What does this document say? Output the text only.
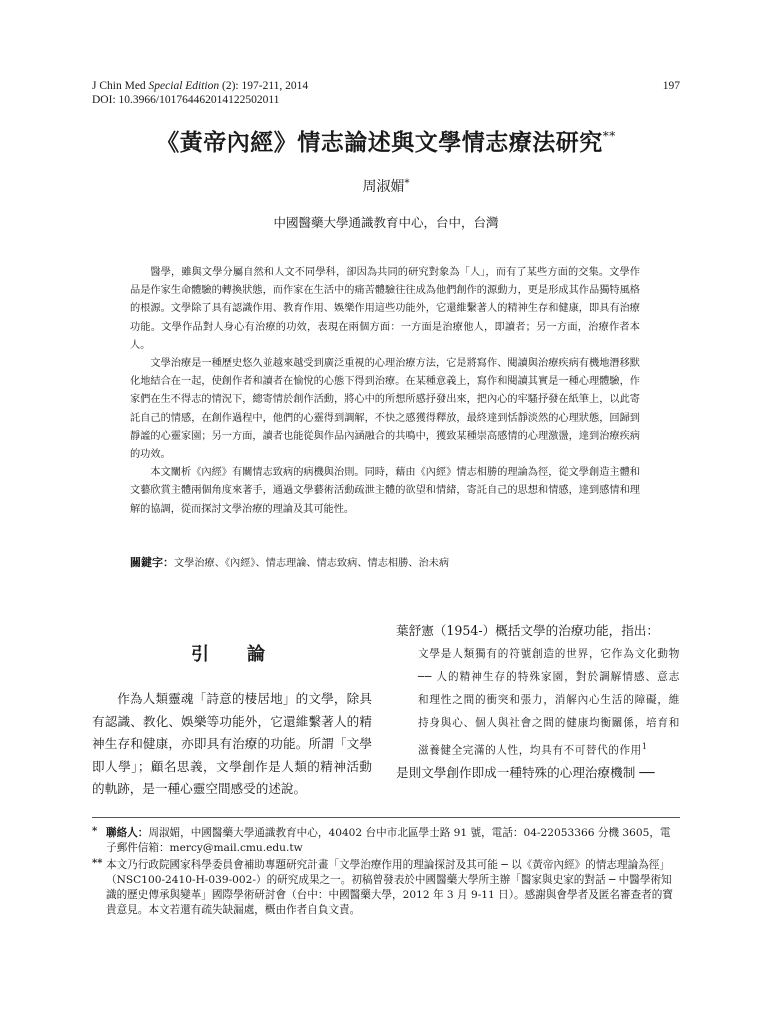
J Chin Med Special Edition (2): 197-211, 2014
DOI: 10.3966/101764462014122502011
197
《黃帝內經》情志論述與文學情志療法研究**
周淑媚*
中國醫藥大學通識教育中心，台中，台灣

醫學，雖與文學分屬自然和人文不同學科，卻因為共同的研究對象為「人」，而有了某些方面的交集。文學作品是作家生命體驗的轉換狀態，而作家在生活中的痛苦體驗往往成為他們創作的源動力，更是形成其作品獨特風格的根源。文學除了具有認識作用、教育作用、娛樂作用這些功能外，它還維繫著人的精神生存和健康，即具有治療功能。文學作品對人身心有治療的功效，表現在兩個方面：一方面是治療他人，即讀者；另一方面，治療作者本人。

文學治療是一種歷史悠久並越來越受到廣泛重視的心理治療方法，它是將寫作、閱讀與治療疾病有機地潛移默化地結合在一起，使創作者和讀者在愉悅的心態下得到治療。在某種意義上，寫作和閱讀其實是一種心理體驗，作家們在生不得志的情況下，總寄情於創作活動，將心中的所想所感抒發出來，把內心的牢騷抒發在紙筆上，以此寄託自己的情感，在創作過程中，他們的心靈得到調解，不快之感獲得釋放，最終達到恬靜淡然的心理狀態，回歸到靜謐的心靈家園；另一方面，讀者也能從與作品內涵融合的共鳴中，獲致某種崇高感情的心理激盪，達到治療疾病的功效。

本文闡析《內經》有關情志致病的病機與治則。同時，藉由《內經》情志相勝的理論為徑，從文學創造主體和文藝欣賞主體兩個角度來著手，通過文學藝術活動疏泄主體的欲望和情緒，寄託自己的思想和情感，達到感情和理解的協調，從而探討文學治療的理論及其可能性。

關鍵字：文學治療、《內經》、情志理論、情志致病、情志相勝、治未病
引論

作為人類靈魂「詩意的棲居地」的文學，除具有認識、教化、娛樂等功能外，它還維繫著人的精神生存和健康，亦即具有治療的功能。所謂「文學即人學」；顧名思義，文學創作是人類的精神活動的軌跡，是一種心靈空間感受的述說。

葉舒憲（1954-）概括文學的治療功能，指出：

文學是人類獨有的符號創造的世界，它作為文化動物 ── 人的精神生存的特殊家園，對於調解情感、意志和理性之間的衝突和張力，消解內心生活的障礙，維持身與心、個人與社會之間的健康均衡關係，培育和滋養健全完滿的人性，均具有不可替代的作用$^1$

是則文學創作即成一種特殊的心理治療機制 ──

* 聯絡人：周淑媚，中國醫藥大學通識教育中心，40402 台中市北區學士路 91 號，電話：04-22053366 分機 3605，電子郵件信箱：mercy@mail.cmu.edu.tw
** 本文乃行政院國家科學委員會補助專題研究計畫「文學治療作用的理論探討及其可能 ─ 以《黃帝內經》的情志理論為徑」（NSC100-2410-H-039-002-）的研究成果之一。初稿曾發表於中國醫藥大學所主辦「醫家與史家的對話 ─ 中醫學術知識的歷史傳承與變革」國際學術研討會（台中：中國醫藥大學，2012 年 3 月 9-11 日）。感謝與會學者及匿名審查者的寶貴意見。本文若還有疏失缺漏處，概由作者自負文責。
